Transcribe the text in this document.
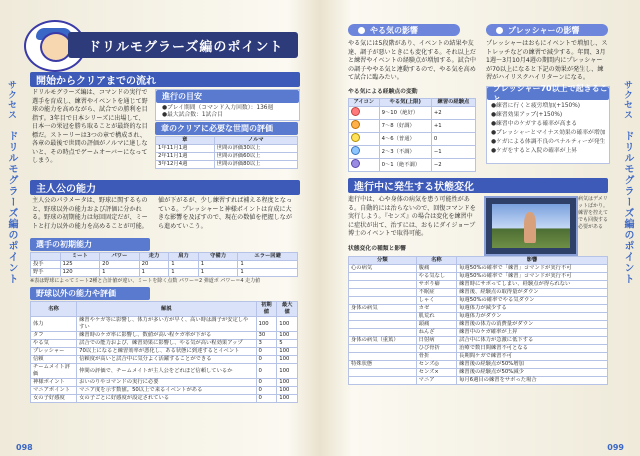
サクセス ドリルモグラーズ編のポイント
ドリルモグラーズ編のポイント
開始からクリアまでの流れ
ドリルモグラーズ編は、コマンドの実行で選手を育成し、練習やイベントを通じて野球の能力を高めながら、試合での勝利を目指す。3年目で日本シリーズに出場して、日本一の栄冠を勝ち取ることが最終的な目標だ。ストーリーは3つの章で構成され、各章の最後で世間の評価がノルマに達しないと、その時点でゲームオーバーになってしまう。
進行の目安
●プレイ期間（コマンド入力回数）：136週
●最大試合数：1試合目
章のクリアに必要な世間の評価
章	ノルマ
1年11月1週	世間の評価30以上
2年11月1週	世間の評価60以上
3年12月4週	世間の評価80以上
主人公の能力
主人公のパラメータは、野球に関するもの と、野球以外の能力および評価に分かれる。野球の初期能力は毎回固定だが、ミートと打力以外の能力を高めることが可能。
値が下がるが、少し練習すれば補える程度となっている。プレッシャーと神様ポイントは育成に大きな影響を及ぼすので、現在の数値を把握しながら進めていこう。
選手の初期能力
	ミート	パワー	走力	肩力	守備力	エラー回避
投手	125	20	20	1	1	1
野手	120	1	1	1	1	1
※表は野球によってミート2種と合計値が違い、ミートを除く点数 パワー＝2 弾道ボ パワー＝4 走力値
野球以外の能力や評価
名称	解説	初期値	最大値
体力	練習やケガ等に影響し、体力が多い方が早く、高い時は調子が安定しやすい	100	100
タフ	練習時のケガ率に影響し、数値が高い程ケガ率が下がる	30	100
やる気	試合での能力および、練習効果に影響し、やる気が高い程効果アップ	3	5
プレッシャー	70以上になると練習効率が悪化し、ある状態に到達するとイベント	0	100
信頼	信頼度が高いと試合中に気分よく活躍することができる	0	100
チームメイト評価	仲間の評価で、チームメイトが主人公をどれほど信頼しているか	0	100
神様ポイント	おいのりやコマンドの実行に必要	0	100
マニアポイント	マニア度を示す数値。50以上で来るイベントがある	0	100
女の子好感度	女の子ごとに好感度が設定されている	0	100
098
サクセス ドリルモグラーズ編のポイント
やる気の影響
やる気には5段階があり、イベントの結果や友達、調子が悪いときにも変化する。それ以上だと練習やイベントの経験点が増加する。試合中の調子ややる気と連動するので、やる気を高めて試合に臨みたい。
やる気による経験点の変動
アイコン	やる気(上限)	練習の経験点
	9～10（絶好）	+2
	7～8（好調）	+1
	4～6（普通）	0
	2～3（不調）	−1
	0～1（絶不調）	−2
プレッシャーの影響
プレッシャーはおもにイベントで増加し、ストレッチなどの練習で減少する。年間、3月1週～3月10月4週の期間内にプレッシャーが70以上になると下記の効果が発生し、練習がハイリスクハイリターンになる。
プレッシャー70以上で起きること
●練習に行くと疲労増加(+150%)
●練習効果アップ(+150%)
●練習中のケガする確率が高まる
●プレッシャーとマイナス効果の確率が増加
●ケガによる体調不良のペナルティーが発生
●ケガをすると入院の確率が上昇
進行中に発生する状態変化
進行中は、心や身体の病気を患う可能性がある。自動的には治らないので、回復コマンドを実行しよう。『センズ』の場合は変化を練習中に症状が出て、治すには、おもにダイジョーブ博士のイベントで取得可能。
病気はデメリットばかり。練習を控えてでも回復する必要がある
状態変化の種類と影響
分類	名称	影響
心の病気	腹痛	毎週50%の確率で「練習」コマンドが実行不可
	やる気なし	毎週50%の確率で「練習」コマンドが実行不可
	サボり癖	練習時にサボってしまい、経験点が得られない
	不眠症	練習後、経験点の取得量がダウン
	しゃく	毎週50%の確率でやる気ダウン
身体の病気	カゼ	毎週体力が減少する
	肌荒れ	毎週体力がダウン
	頭痛	練習後の体力の消費量がダウン
	ねんざ	練習中のケガ確率が上昇
身体の病気（重篤）	日射病	試合中に体力が急激に低下する
	ひび骨折	治療で数日間練習不可となる
	骨折	長期間ケガで練習不可
特殊状態	センズ◎	練習後の経験点が50%増加
	センズ×	練習後の経験点が50%減少
	マニア	毎月6週目の練習をサボった場合
099
